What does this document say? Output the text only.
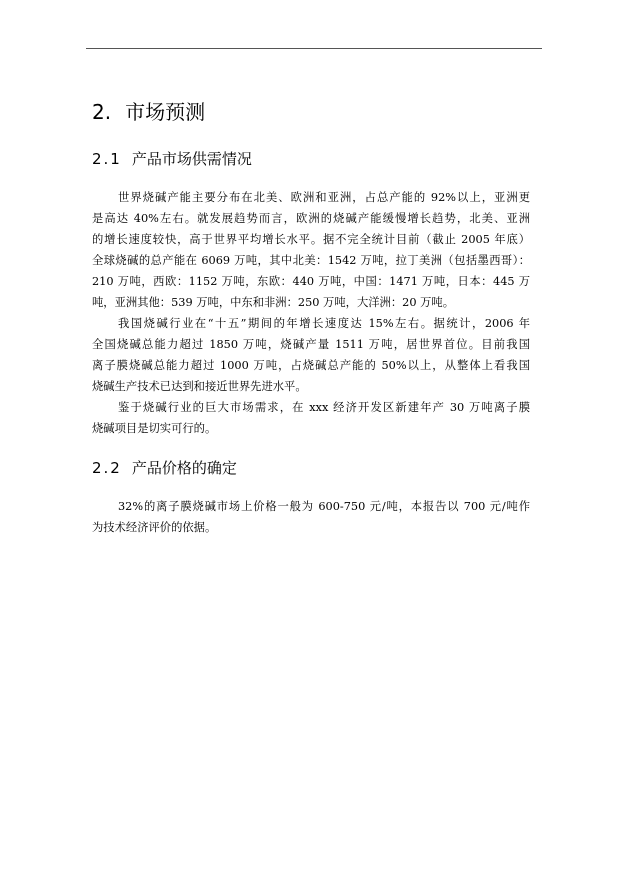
2. 市场预测
2.1 产品市场供需情况
世界烧碱产能主要分布在北美、欧洲和亚洲，占总产能的 92%以上，亚洲更
是高达 40%左右。就发展趋势而言，欧洲的烧碱产能缓慢增长趋势，北美、亚洲
的增长速度较快，高于世界平均增长水平。据不完全统计目前（截止 2005 年底）
全球烧碱的总产能在 6069 万吨，其中北美：1542 万吨，拉丁美洲（包括墨西哥）：
210 万吨，西欧：1152 万吨，东欧：440 万吨，中国：1471 万吨，日本：445 万
吨，亚洲其他：539 万吨，中东和非洲：250 万吨，大洋洲：20 万吨。
我国烧碱行业在“十五”期间的年增长速度达 15%左右。据统计，2006 年
全国烧碱总能力超过 1850 万吨，烧碱产量 1511 万吨，居世界首位。目前我国
离子膜烧碱总能力超过 1000 万吨，占烧碱总产能的 50%以上，从整体上看我国
烧碱生产技术已达到和接近世界先进水平。
鉴于烧碱行业的巨大市场需求，在 xxx 经济开发区新建年产 30 万吨离子膜
烧碱项目是切实可行的。
2.2 产品价格的确定
32%的离子膜烧碱市场上价格一般为 600-750 元/吨，本报告以 700 元/吨作
为技术经济评价的依据。
